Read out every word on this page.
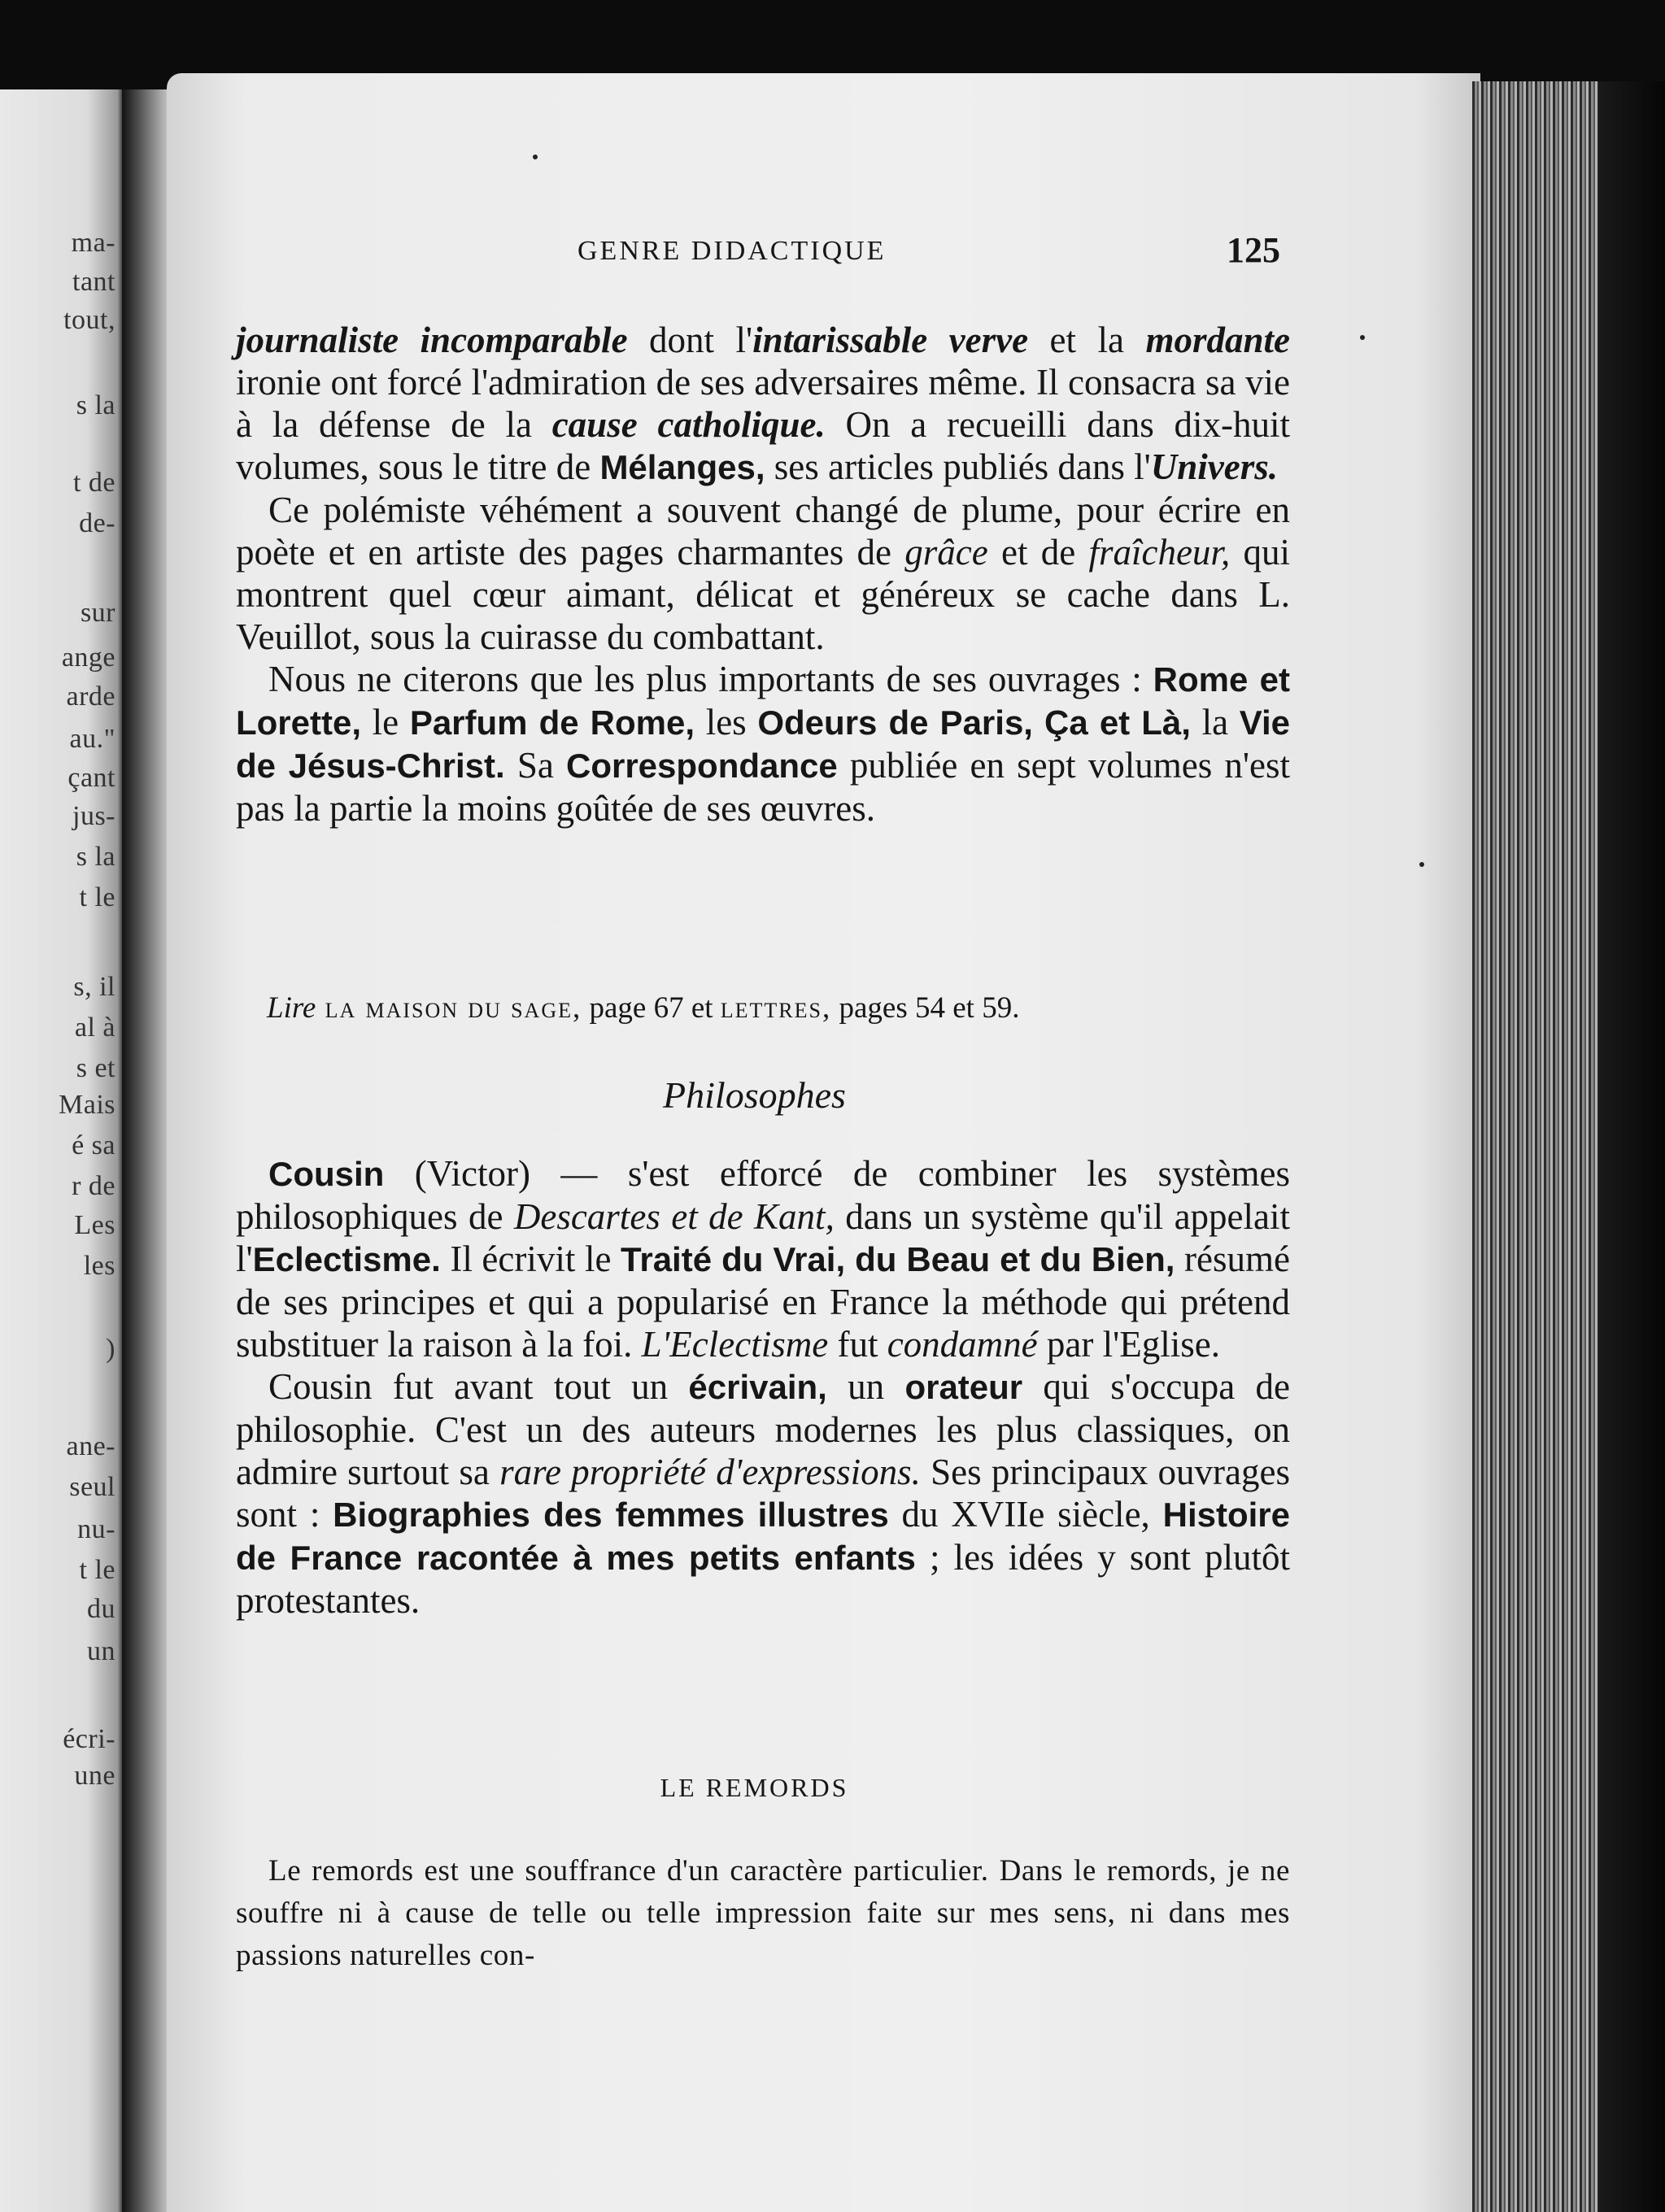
ma-
tant
tout,
s la
t de
de-
sur
ange
arde
au."
çant
jus-
s la
t le
s, il
al à
s et
Mais
é sa
r de
Les
les
)
ane-
seul
nu-
t le
du
un
écri-
une
GENRE DIDACTIQUE	125

journaliste incomparable dont l'intarissable verve et la mordante ironie ont forcé l'admiration de ses adversaires même. Il consacra sa vie à la défense de la cause catholique. On a recueilli dans dix-huit volumes, sous le titre de Mélanges, ses articles publiés dans l'Univers.

Ce polémiste véhément a souvent changé de plume, pour écrire en poète et en artiste des pages charmantes de grâce et de fraîcheur, qui montrent quel cœur aimant, délicat et généreux se cache dans L. Veuillot, sous la cuirasse du combattant.

Nous ne citerons que les plus importants de ses ouvrages : Rome et Lorette, le Parfum de Rome, les Odeurs de Paris, Ça et Là, la Vie de Jésus-Christ. Sa Correspondance publiée en sept volumes n'est pas la partie la moins goûtée de ses œuvres.

Lire la maison du sage, page 67 et lettres, pages 54 et 59.
Philosophes

Cousin (Victor) — s'est efforcé de combiner les systèmes philosophiques de Descartes et de Kant, dans un système qu'il appelait l'Eclectisme. Il écrivit le Traité du Vrai, du Beau et du Bien, résumé de ses principes et qui a popularisé en France la méthode qui prétend substituer la raison à la foi. L'Eclectisme fut condamné par l'Eglise.

Cousin fut avant tout un écrivain, un orateur qui s'occupa de philosophie. C'est un des auteurs modernes les plus classiques, on admire surtout sa rare propriété d'expressions. Ses principaux ouvrages sont : Biographies des femmes illustres du XVIIe siècle, Histoire de France racontée à mes petits enfants ; les idées y sont plutôt protestantes.

LE REMORDS

Le remords est une souffrance d'un caractère particulier. Dans le remords, je ne souffre ni à cause de telle ou telle impression faite sur mes sens, ni dans mes passions naturelles con-
